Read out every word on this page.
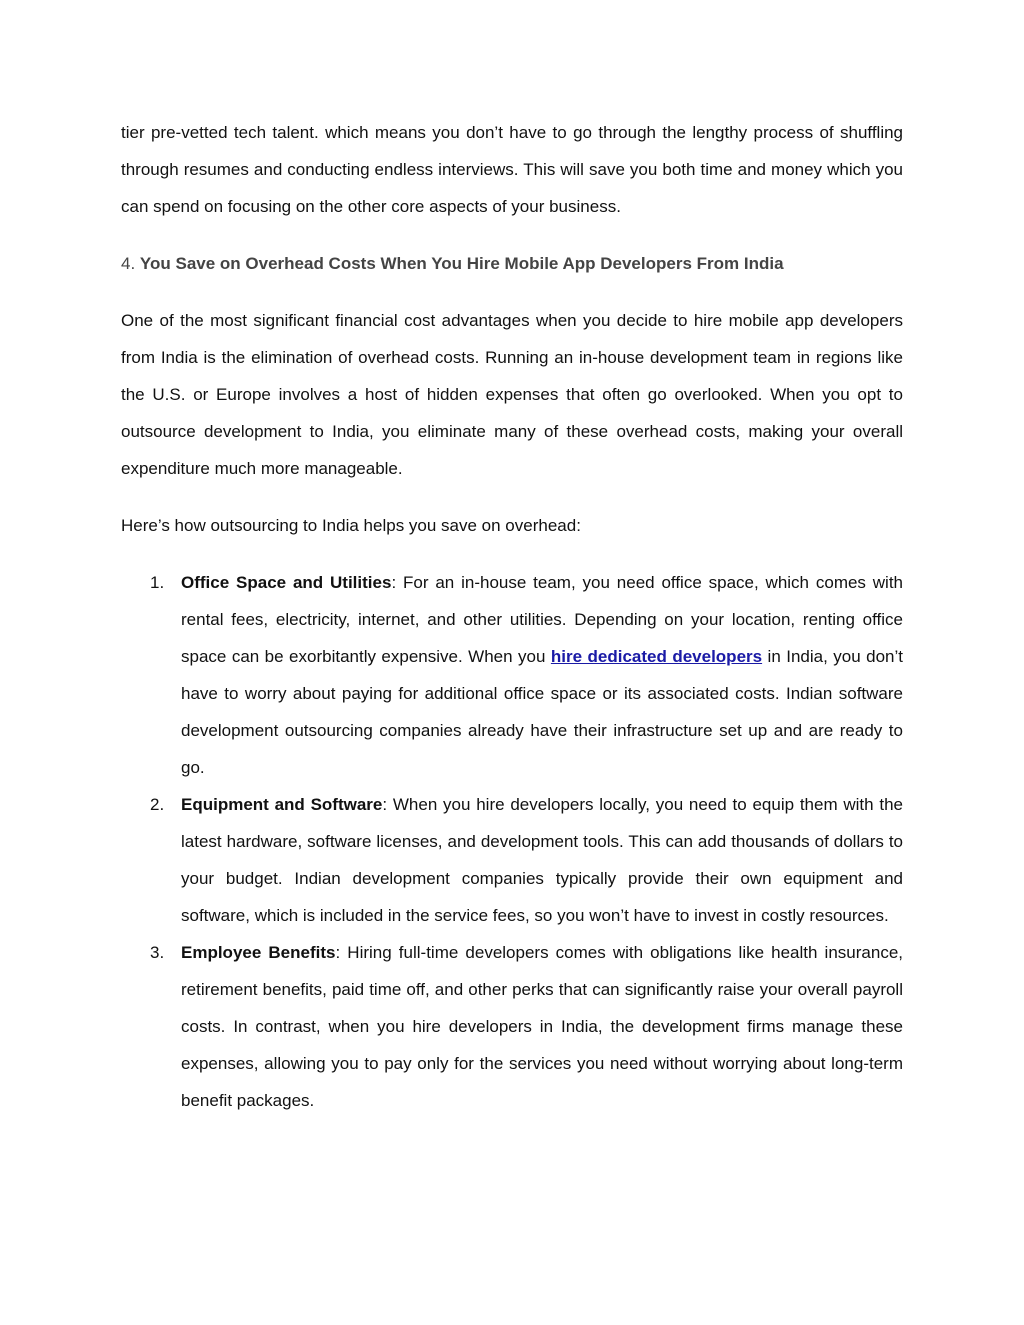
tier pre-vetted tech talent. which means you don’t have to go through the lengthy process of shuffling through resumes and conducting endless interviews. This will save you both time and money which you can spend on focusing on the other core aspects of your business.

4. You Save on Overhead Costs When You Hire Mobile App Developers From India

One of the most significant financial cost advantages when you decide to hire mobile app developers from India is the elimination of overhead costs. Running an in-house development team in regions like the U.S. or Europe involves a host of hidden expenses that often go overlooked. When you opt to outsource development to India, you eliminate many of these overhead costs, making your overall expenditure much more manageable.

Here’s how outsourcing to India helps you save on overhead:

1. Office Space and Utilities: For an in-house team, you need office space, which comes with rental fees, electricity, internet, and other utilities. Depending on your location, renting office space can be exorbitantly expensive. When you hire dedicated developers in India, you don’t have to worry about paying for additional office space or its associated costs. Indian software development outsourcing companies already have their infrastructure set up and are ready to go.
2. Equipment and Software: When you hire developers locally, you need to equip them with the latest hardware, software licenses, and development tools. This can add thousands of dollars to your budget. Indian development companies typically provide their own equipment and software, which is included in the service fees, so you won’t have to invest in costly resources.
3. Employee Benefits: Hiring full-time developers comes with obligations like health insurance, retirement benefits, paid time off, and other perks that can significantly raise your overall payroll costs. In contrast, when you hire developers in India, the development firms manage these expenses, allowing you to pay only for the services you need without worrying about long-term benefit packages.
